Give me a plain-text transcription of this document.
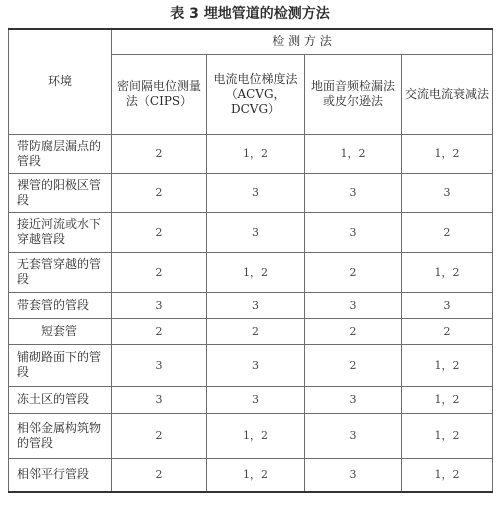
表 3 埋地管道的检测方法
环境	检 测 方 法			
	密间隔电位测量法（CIPS）	电流电位梯度法（ACVG，DCVG）	地面音频检漏法或皮尔逊法	交流电流衰减法
带防腐层漏点的管段	2	1，2	1，2	1，2
裸管的阳极区管段	2	3	3	3
接近河流或水下穿越管段	2	3	3	2
无套管穿越的管段	2	1，2	2	1，2
带套管的管段	3	3	3	3
短套管	2	2	2	2
铺砌路面下的管段	3	3	2	1，2
冻土区的管段	3	3	3	1，2
相邻金属构筑物的管段	2	1，2	3	1，2
相邻平行管段	2	1，2	3	1，2
